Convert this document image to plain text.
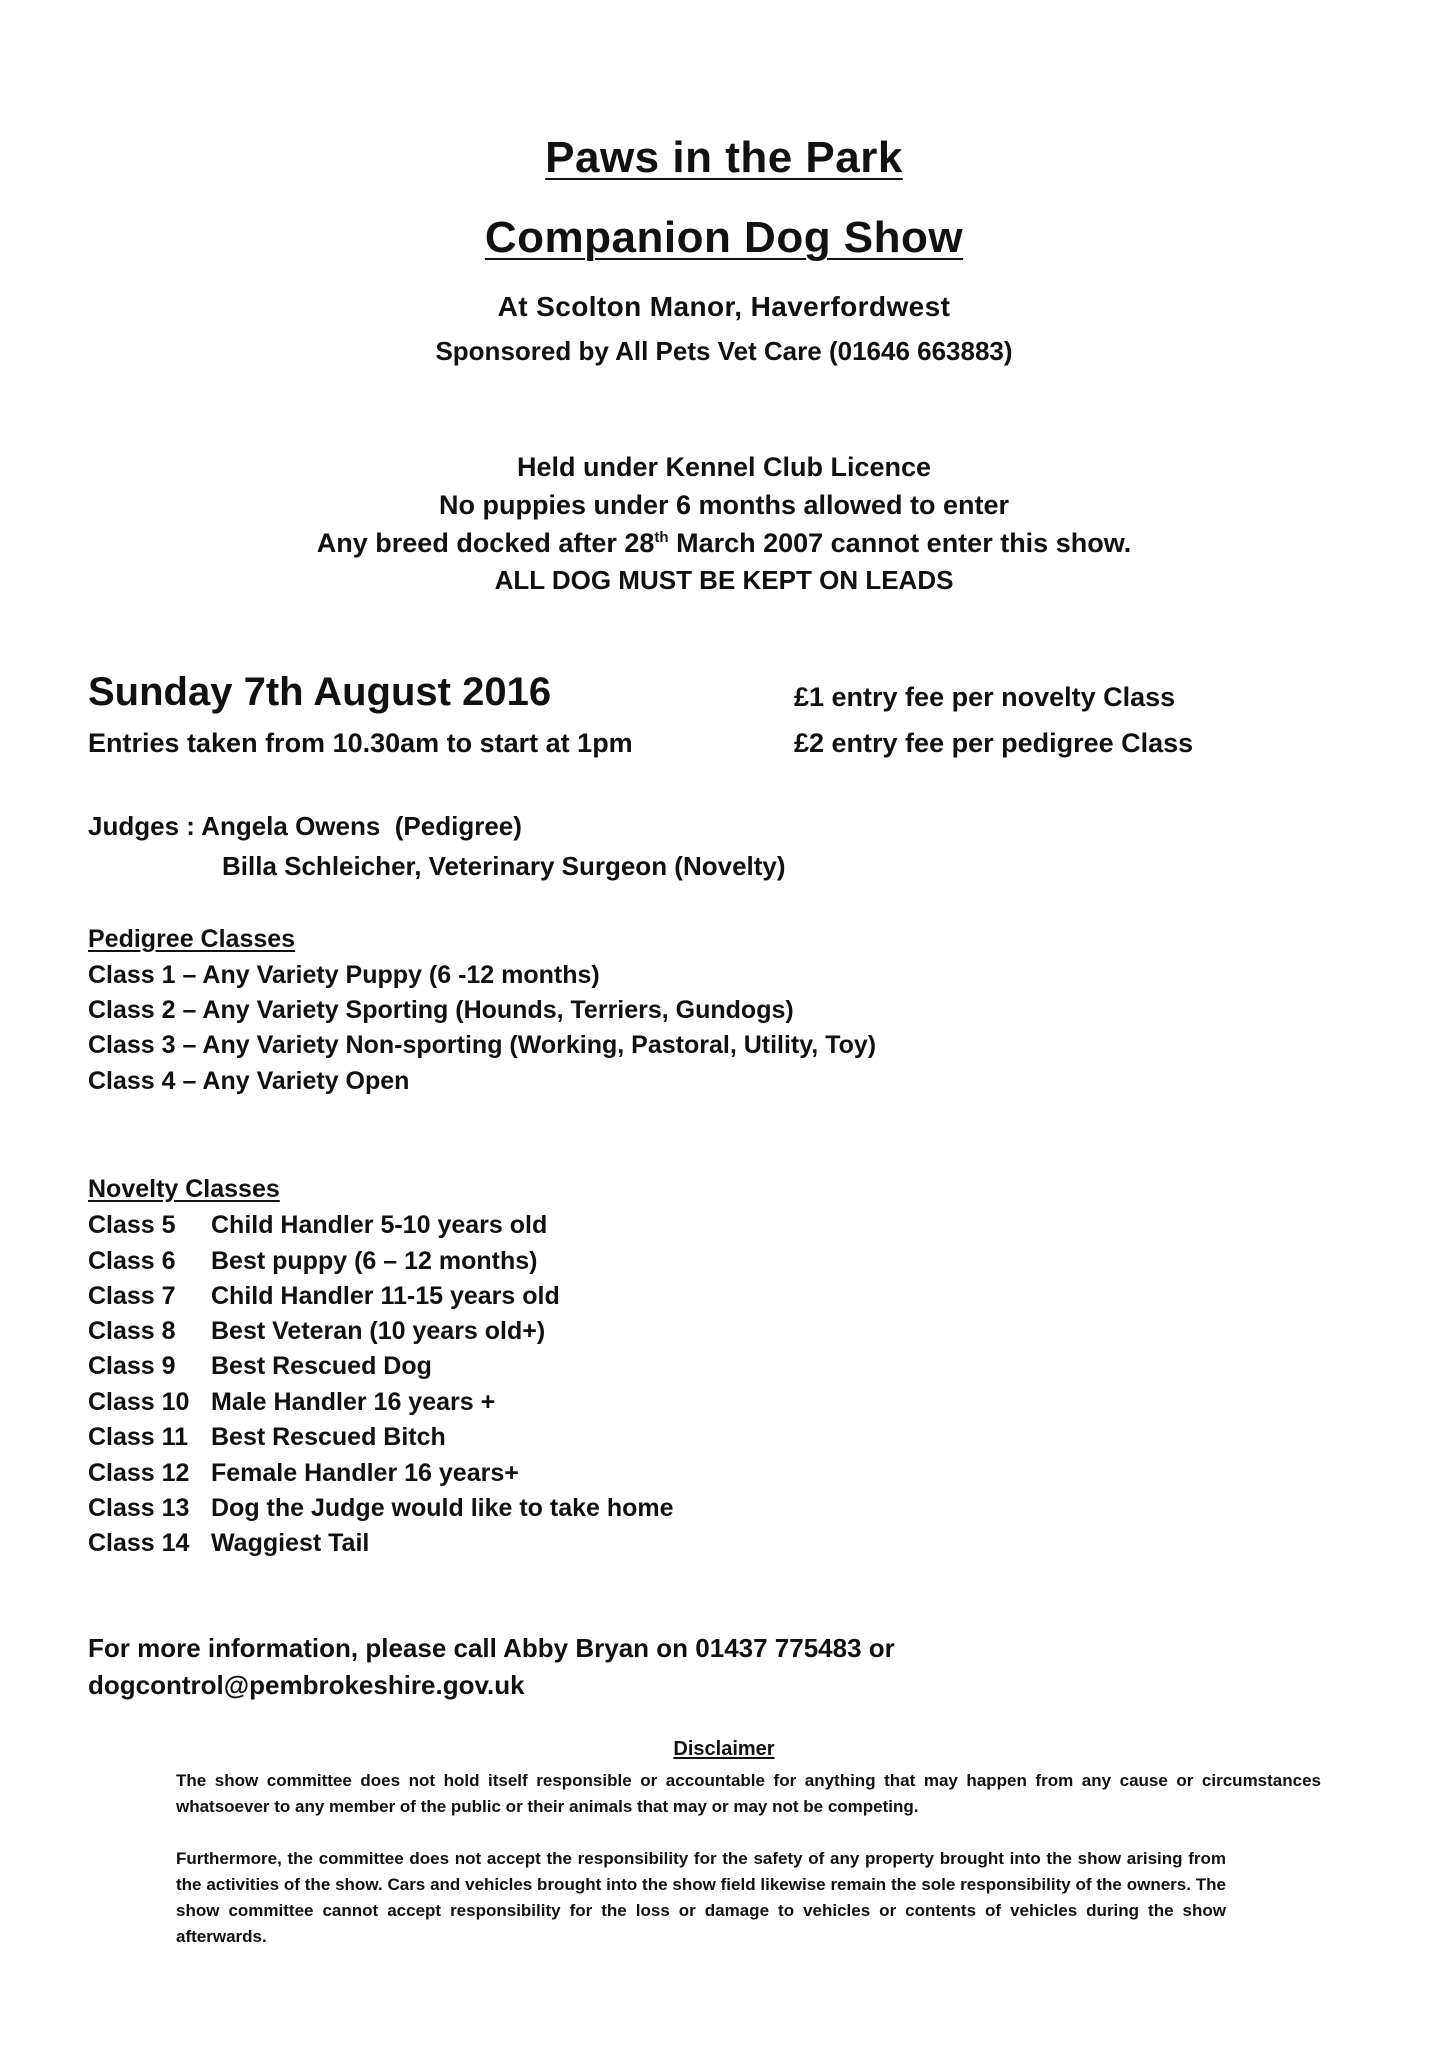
Paws in the Park
Companion Dog Show
At Scolton Manor, Haverfordwest
Sponsored by All Pets Vet Care (01646 663883)
Held under Kennel Club Licence
No puppies under 6 months allowed to enter
Any breed docked after 28th March 2007 cannot enter this show.
ALL DOG MUST BE KEPT ON LEADS
Sunday 7th August 2016
Entries taken from 10.30am to start at 1pm
£1 entry fee per novelty Class
£2 entry fee per pedigree Class
Judges : Angela Owens  (Pedigree)
Billa Schleicher, Veterinary Surgeon (Novelty)
Pedigree Classes
Class 1 – Any Variety Puppy (6 -12 months)
Class 2 – Any Variety Sporting (Hounds, Terriers, Gundogs)
Class 3 – Any Variety Non-sporting (Working, Pastoral, Utility, Toy)
Class 4 – Any Variety Open
Novelty Classes
Class 5 Child Handler 5-10 years old
Class 6 Best puppy (6 – 12 months)
Class 7 Child Handler 11-15 years old
Class 8 Best Veteran (10 years old+)
Class 9 Best Rescued Dog
Class 10 Male Handler 16 years +
Class 11 Best Rescued Bitch
Class 12 Female Handler 16 years+
Class 13 Dog the Judge would like to take home
Class 14 Waggiest Tail
For more information, please call Abby Bryan on 01437 775483 or
dogcontrol@pembrokeshire.gov.uk
Disclaimer
The show committee does not hold itself responsible or accountable for anything that may happen from any cause or circumstances whatsoever to any member of the public or their animals that may or may not be competing.
Furthermore, the committee does not accept the responsibility for the safety of any property brought into the show arising from the activities of the show. Cars and vehicles brought into the show field likewise remain the sole responsibility of the owners. The show committee cannot accept responsibility for the loss or damage to vehicles or contents of vehicles during the show afterwards.
